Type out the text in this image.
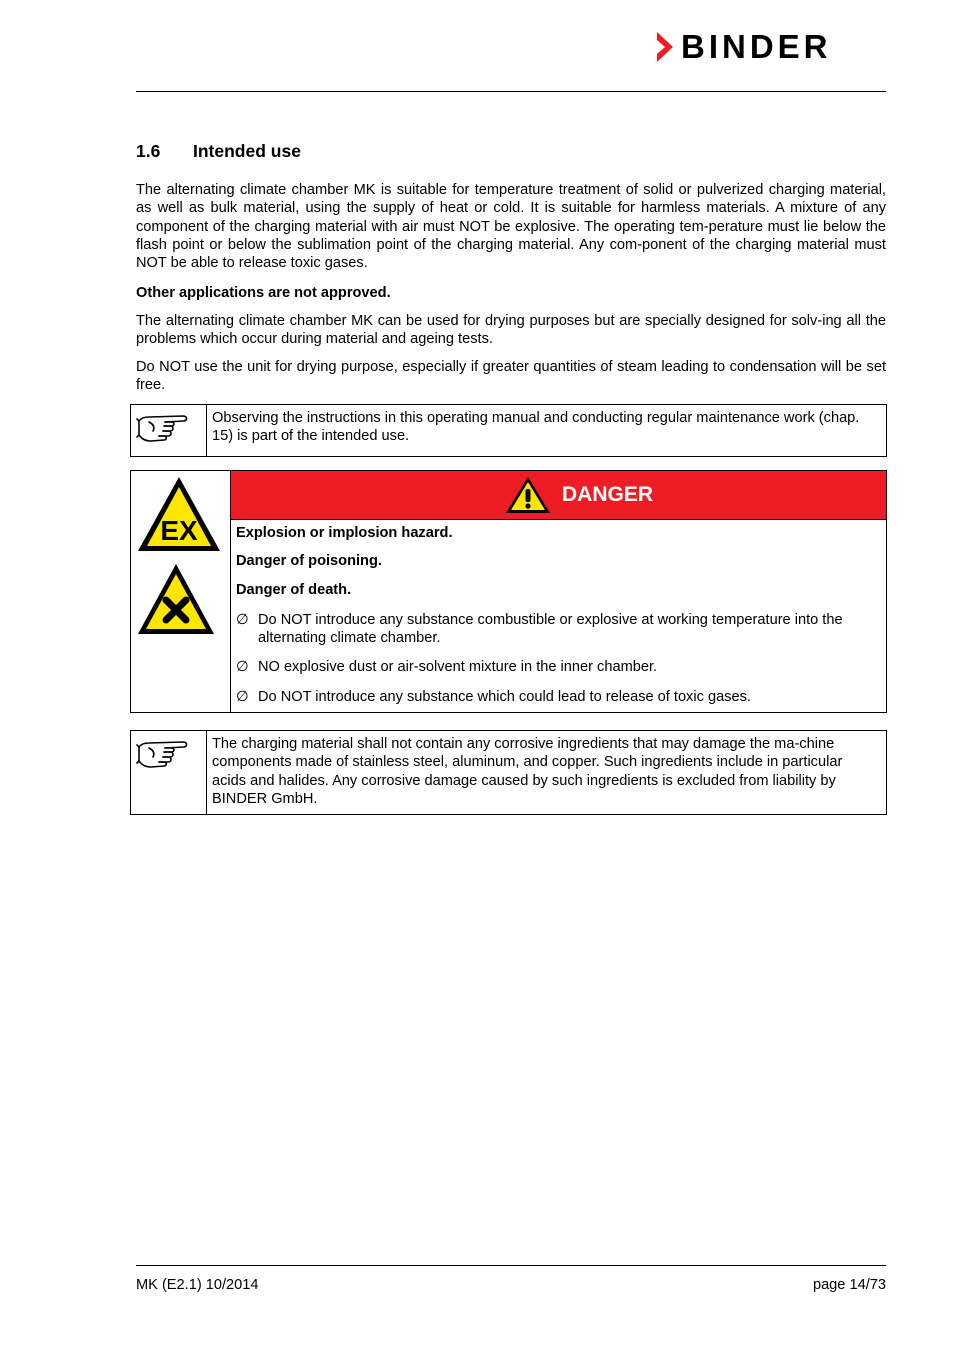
BINDER
1.6 Intended use

The alternating climate chamber MK is suitable for temperature treatment of solid or pulverized charging material, as well as bulk material, using the supply of heat or cold. It is suitable for harmless materials. A mixture of any component of the charging material with air must NOT be explosive. The operating tem-perature must lie below the flash point or below the sublimation point of the charging material. Any com-ponent of the charging material must NOT be able to release toxic gases.

Other applications are not approved.

The alternating climate chamber MK can be used for drying purposes but are specially designed for solv-ing all the problems which occur during material and ageing tests.

Do NOT use the unit for drying purpose, especially if greater quantities of steam leading to condensation will be set free.

	Observing the instructions in this operating manual and conducting regular maintenance work (chap. 15) is part of the intended use.
EX

DANGER

Explosion or implosion hazard.
Danger of poisoning.
Danger of death.
∅ Do NOT introduce any substance combustible or explosive at working temperature into the alternating climate chamber.
∅ NO explosive dust or air-solvent mixture in the inner chamber.
∅ Do NOT introduce any substance which could lead to release of toxic gases.
	The charging material shall not contain any corrosive ingredients that may damage the ma-chine components made of stainless steel, aluminum, and copper. Such ingredients include in particular acids and halides. Any corrosive damage caused by such ingredients is excluded from liability by BINDER GmbH.
MK (E2.1) 10/2014	page 14/73
